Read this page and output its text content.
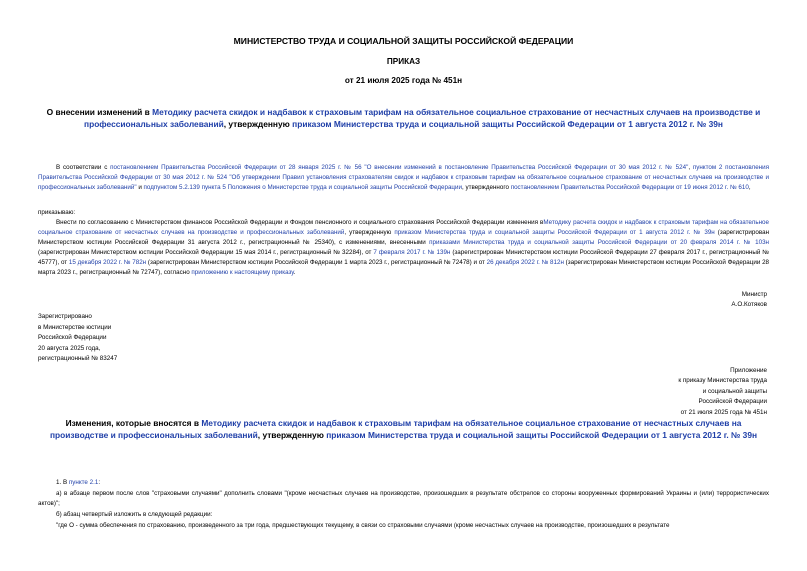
МИНИСТЕРСТВО ТРУДА И СОЦИАЛЬНОЙ ЗАЩИТЫ РОССИЙСКОЙ ФЕДЕРАЦИИ
ПРИКАЗ
от 21 июля 2025 года № 451н
О внесении изменений в Методику расчета скидок и надбавок к страховым тарифам на обязательное социальное страхование от несчастных случаев на производстве и профессиональных заболеваний, утвержденную приказом Министерства труда и социальной защиты Российской Федерации от 1 августа 2012 г. № 39н
В соответствии с постановлением Правительства Российской Федерации от 28 января 2025 г. № 56 "О внесении изменений в постановление Правительства Российской Федерации от 30 мая 2012 г. № 524", пунктом 2 постановления Правительства Российской Федерации от 30 мая 2012 г. № 524 "Об утверждении Правил установления страхователям скидок и надбавок к страховым тарифам на обязательное социальное страхование от несчастных случаев на производстве и профессиональных заболеваний" и подпунктом 5.2.139 пункта 5 Положения о Министерстве труда и социальной защиты Российской Федерации, утвержденного постановлением Правительства Российской Федерации от 19 июня 2012 г. № 610,
приказываю:
Внести по согласованию с Министерством финансов Российской Федерации и Фондом пенсионного и социального страхования Российской Федерации изменения вМетодику расчета скидок и надбавок к страховым тарифам на обязательное социальное страхование от несчастных случаев на производстве и профессиональных заболеваний, утвержденную приказом Министерства труда и социальной защиты Российской Федерации от 1 августа 2012 г. № 39н (зарегистрирован Министерством юстиции Российской Федерации 31 августа 2012 г., регистрационный № 25340), с изменениями, внесенными приказами Министерства труда и социальной защиты Российской Федерации от 20 февраля 2014 г. № 103н (зарегистрирован Министерством юстиции Российской Федерации 15 мая 2014 г., регистрационный № 32284), от 7 февраля 2017 г. № 139н (зарегистрирован Министерством юстиции Российской Федерации 27 февраля 2017 г., регистрационный № 45777), от 15 декабря 2022 г. № 782н (зарегистрирован Министерством юстиции Российской Федерации 1 марта 2023 г., регистрационный № 72478) и от 26 декабря 2022 г. № 812н (зарегистрирован Министерством юстиции Российской Федерации 28 марта 2023 г., регистрационный № 72747), согласно приложению к настоящему приказу.
Министр
А.О.Котяков
Зарегистрировано
в Министерстве юстиции
Российской Федерации
20 августа 2025 года,
регистрационный № 83247
Приложение
к приказу Министерства труда
и социальной защиты
Российской Федерации
от 21 июля 2025 года № 451н
Изменения, которые вносятся в Методику расчета скидок и надбавок к страховым тарифам на обязательное социальное страхование от несчастных случаев на производстве и профессиональных заболеваний, утвержденную приказом Министерства труда и социальной защиты Российской Федерации от 1 августа 2012 г. № 39н
1. В пункте 2.1:
а) в абзаце первом после слов "страховыми случаями" дополнить словами "(кроме несчастных случаев на производстве, произошедших в результате обстрелов со стороны вооруженных формирований Украины и (или) террористических актов)";
б) абзац четвертый изложить в следующей редакции:
"где О - сумма обеспечения по страхованию, произведенного за три года, предшествующих текущему, в связи со страховыми случаями (кроме несчастных случаев на производстве, произошедших в результате
